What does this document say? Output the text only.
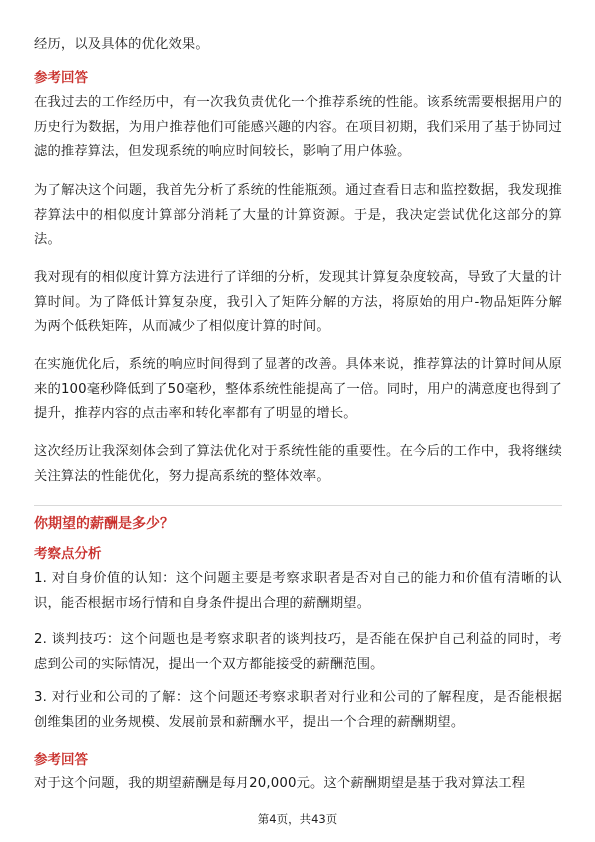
经历，以及具体的优化效果。

参考回答

在我过去的工作经历中，有一次我负责优化一个推荐系统的性能。该系统需要根据用户的历史行为数据，为用户推荐他们可能感兴趣的内容。在项目初期，我们采用了基于协同过滤的推荐算法，但发现系统的响应时间较长，影响了用户体验。

为了解决这个问题，我首先分析了系统的性能瓶颈。通过查看日志和监控数据，我发现推荐算法中的相似度计算部分消耗了大量的计算资源。于是，我决定尝试优化这部分的算法。

我对现有的相似度计算方法进行了详细的分析，发现其计算复杂度较高，导致了大量的计算时间。为了降低计算复杂度，我引入了矩阵分解的方法，将原始的用户-物品矩阵分解为两个低秩矩阵，从而减少了相似度计算的时间。

在实施优化后，系统的响应时间得到了显著的改善。具体来说，推荐算法的计算时间从原来的100毫秒降低到了50毫秒，整体系统性能提高了一倍。同时，用户的满意度也得到了提升，推荐内容的点击率和转化率都有了明显的增长。

这次经历让我深刻体会到了算法优化对于系统性能的重要性。在今后的工作中，我将继续关注算法的性能优化，努力提高系统的整体效率。

你期望的薪酬是多少？

考察点分析

1. 对自身价值的认知：这个问题主要是考察求职者是否对自己的能力和价值有清晰的认识，能否根据市场行情和自身条件提出合理的薪酬期望。

2. 谈判技巧：这个问题也是考察求职者的谈判技巧，是否能在保护自己利益的同时，考虑到公司的实际情况，提出一个双方都能接受的薪酬范围。

3. 对行业和公司的了解：这个问题还考察求职者对行业和公司的了解程度，是否能根据创维集团的业务规模、发展前景和薪酬水平，提出一个合理的薪酬期望。

参考回答

对于这个问题，我的期望薪酬是每月20,000元。这个薪酬期望是基于我对算法工程

第4页，共43页
